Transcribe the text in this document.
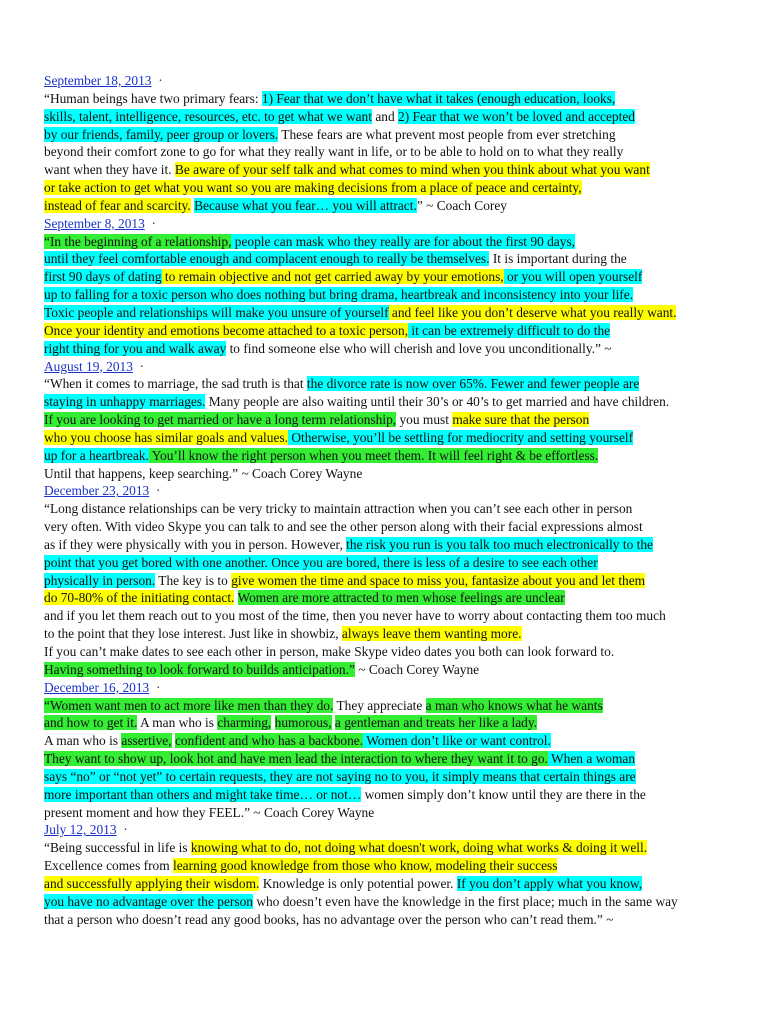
September 18, 2013 ·
“Human beings have two primary fears: 1) Fear that we don’t have what it takes (enough education, looks,
skills, talent, intelligence, resources, etc. to get what we want and 2) Fear that we won’t be loved and accepted
by our friends, family, peer group or lovers. These fears are what prevent most people from ever stretching
beyond their comfort zone to go for what they really want in life, or to be able to hold on to what they really
want when they have it. Be aware of your self talk and what comes to mind when you think about what you want
or take action to get what you want so you are making decisions from a place of peace and certainty,
instead of fear and scarcity. Because what you fear… you will attract.” ~ Coach Corey
September 8, 2013 ·
“In the beginning of a relationship, people can mask who they really are for about the first 90 days,
until they feel comfortable enough and complacent enough to really be themselves. It is important during the
first 90 days of dating to remain objective and not get carried away by your emotions, or you will open yourself
up to falling for a toxic person who does nothing but bring drama, heartbreak and inconsistency into your life.
Toxic people and relationships will make you unsure of yourself and feel like you don’t deserve what you really want.
Once your identity and emotions become attached to a toxic person, it can be extremely difficult to do the
right thing for you and walk away to find someone else who will cherish and love you unconditionally.” ~
August 19, 2013 ·
“When it comes to marriage, the sad truth is that the divorce rate is now over 65%. Fewer and fewer people are
staying in unhappy marriages. Many people are also waiting until their 30’s or 40’s to get married and have children.
If you are looking to get married or have a long term relationship, you must make sure that the person
who you choose has similar goals and values. Otherwise, you’ll be settling for mediocrity and setting yourself
up for a heartbreak. You’ll know the right person when you meet them. It will feel right & be effortless.
Until that happens, keep searching.” ~ Coach Corey Wayne
December 23, 2013 ·
“Long distance relationships can be very tricky to maintain attraction when you can’t see each other in person
very often. With video Skype you can talk to and see the other person along with their facial expressions almost
as if they were physically with you in person. However, the risk you run is you talk too much electronically to the
point that you get bored with one another. Once you are bored, there is less of a desire to see each other
physically in person. The key is to give women the time and space to miss you, fantasize about you and let them
do 70-80% of the initiating contact. Women are more attracted to men whose feelings are unclear
and if you let them reach out to you most of the time, then you never have to worry about contacting them too much
to the point that they lose interest. Just like in showbiz, always leave them wanting more.
If you can’t make dates to see each other in person, make Skype video dates you both can look forward to.
Having something to look forward to builds anticipation.” ~ Coach Corey Wayne
December 16, 2013 ·
“Women want men to act more like men than they do. They appreciate a man who knows what he wants
and how to get it. A man who is charming, humorous, a gentleman and treats her like a lady.
A man who is assertive, confident and who has a backbone. Women don’t like or want control.
They want to show up, look hot and have men lead the interaction to where they want it to go. When a woman
says “no” or “not yet” to certain requests, they are not saying no to you, it simply means that certain things are
more important than others and might take time… or not… women simply don’t know until they are there in the
present moment and how they FEEL.” ~ Coach Corey Wayne
July 12, 2013 ·
“Being successful in life is knowing what to do, not doing what doesn't work, doing what works & doing it well.
Excellence comes from learning good knowledge from those who know, modeling their success
and successfully applying their wisdom. Knowledge is only potential power. If you don’t apply what you know,
you have no advantage over the person who doesn’t even have the knowledge in the first place; much in the same way
that a person who doesn’t read any good books, has no advantage over the person who can’t read them.” ~
